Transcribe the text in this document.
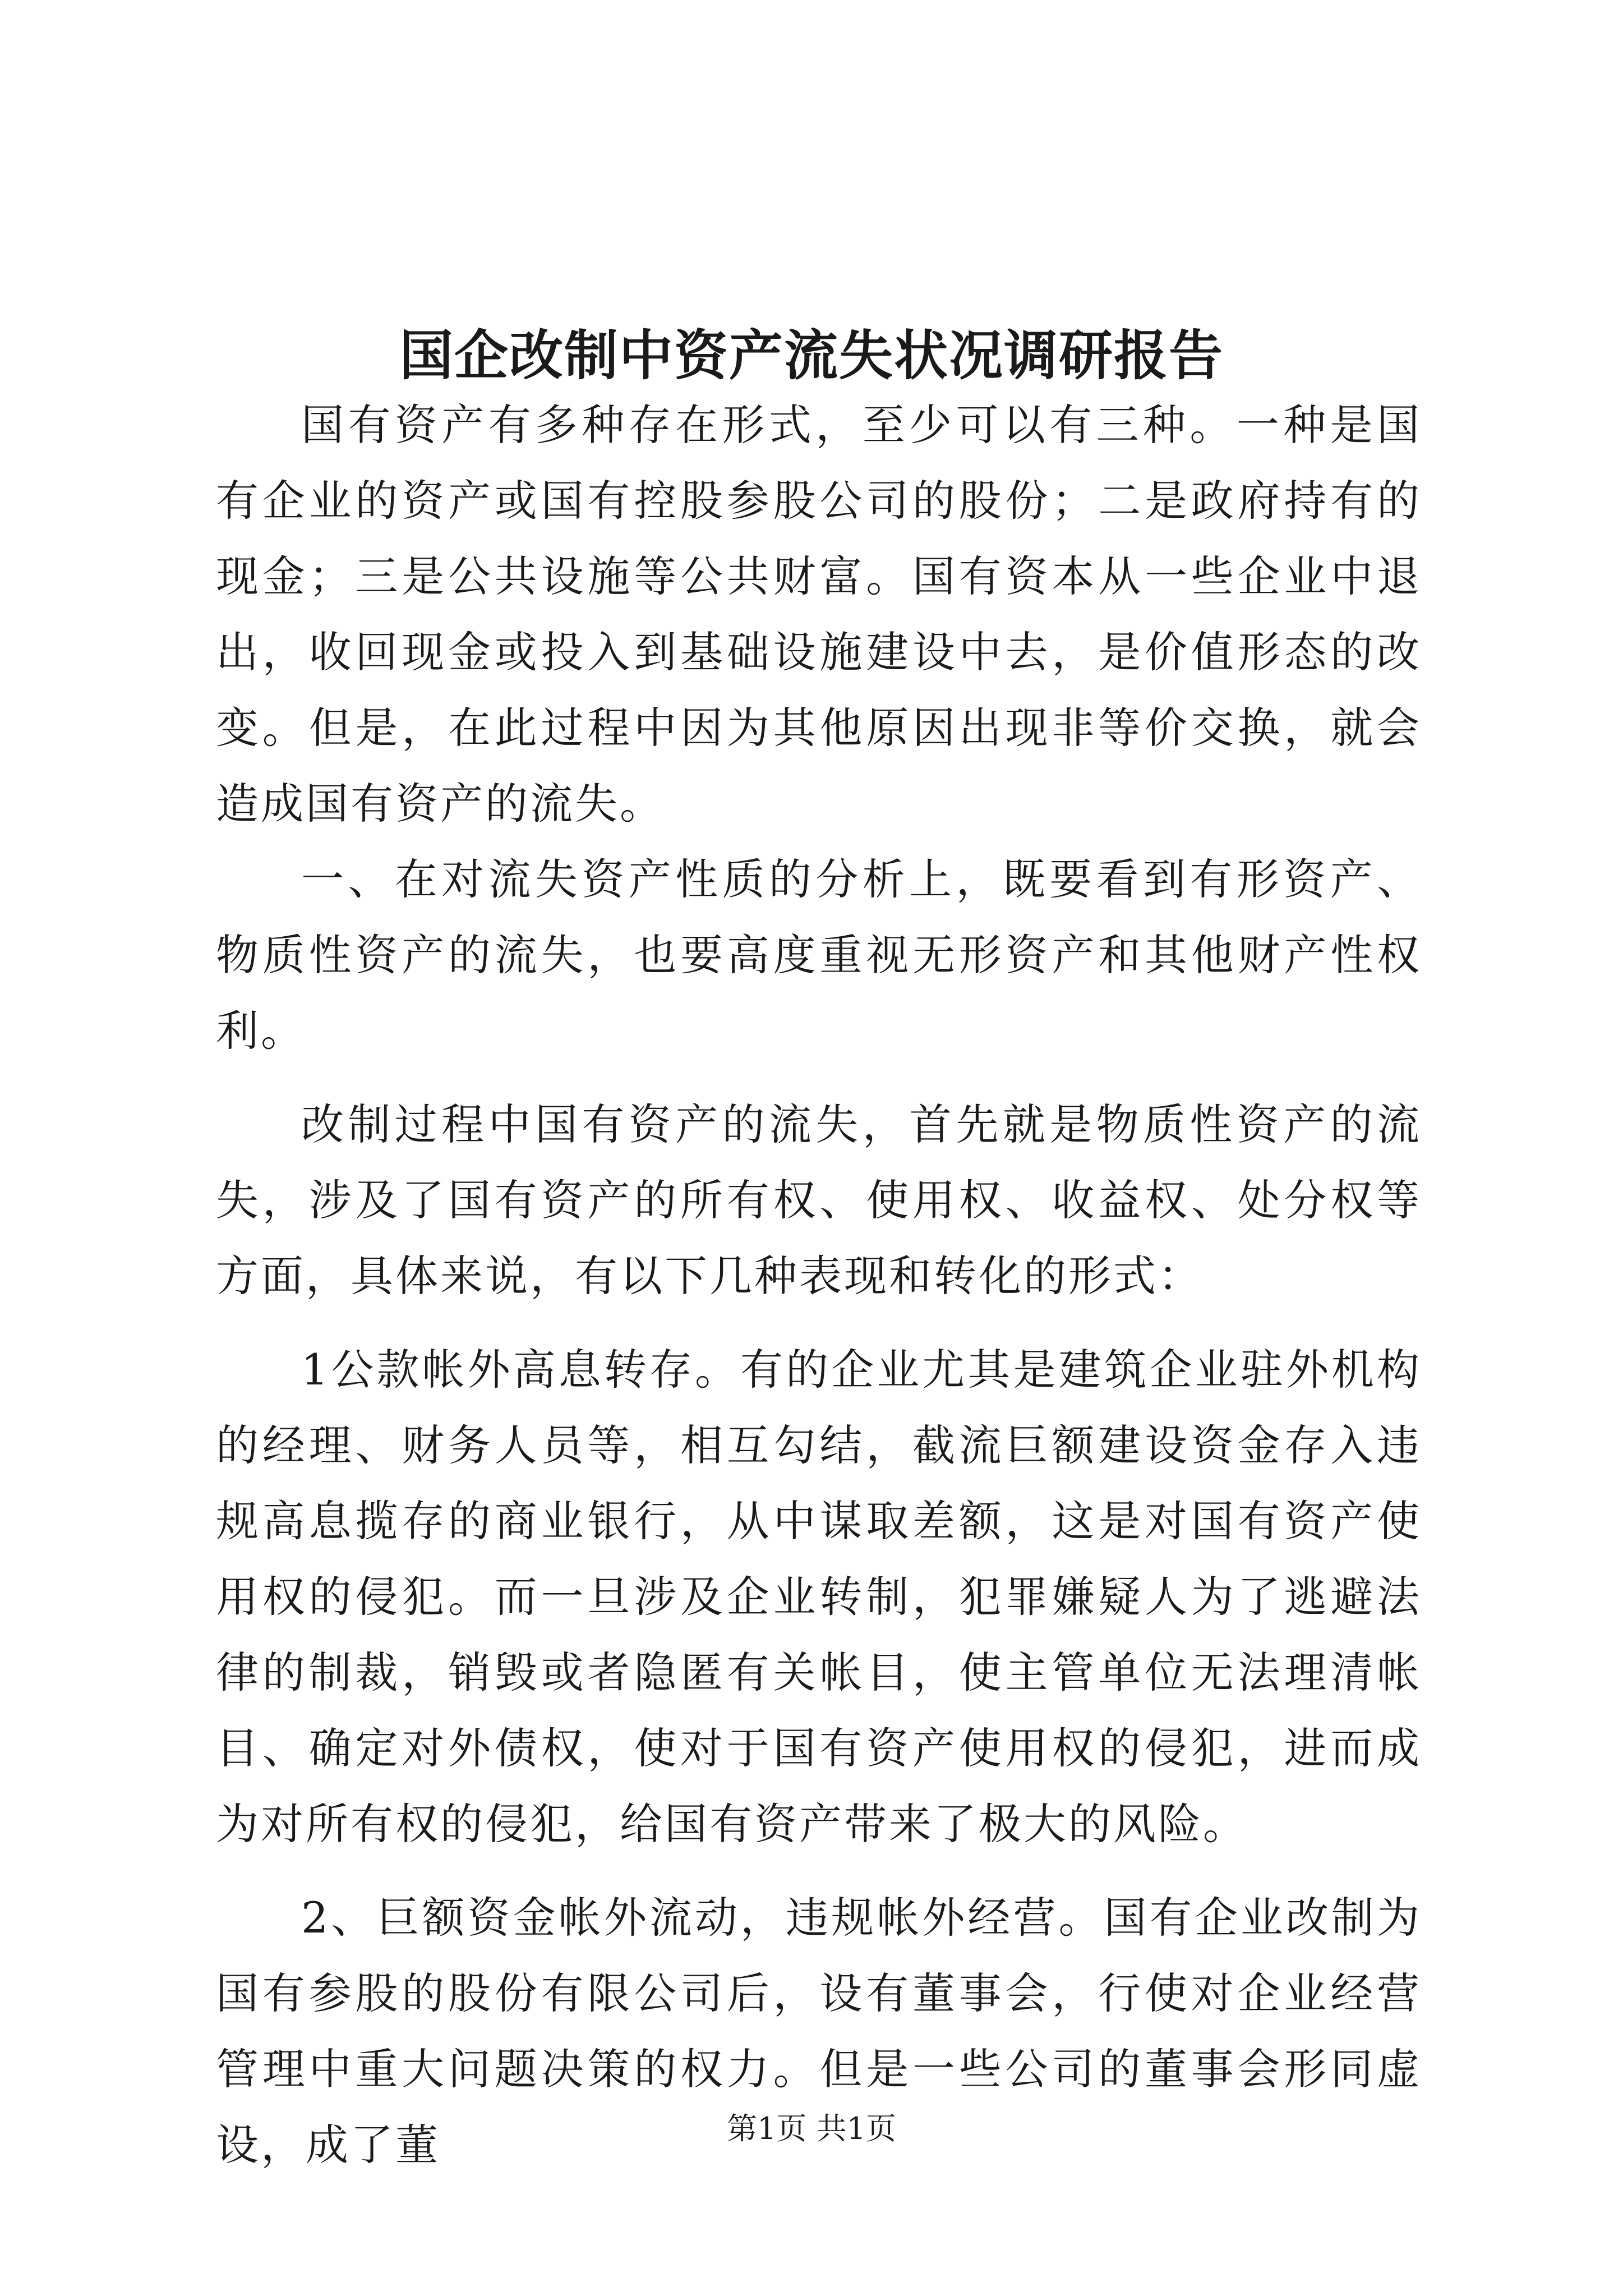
国企改制中资产流失状况调研报告

国有资产有多种存在形式，至少可以有三种。一种是国有企业的资产或国有控股参股公司的股份；二是政府持有的现金；三是公共设施等公共财富。国有资本从一些企业中退出，收回现金或投入到基础设施建设中去，是价值形态的改变。但是，在此过程中因为其他原因出现非等价交换，就会造成国有资产的流失。

一、在对流失资产性质的分析上，既要看到有形资产、物质性资产的流失，也要高度重视无形资产和其他财产性权利。

改制过程中国有资产的流失，首先就是物质性资产的流失，涉及了国有资产的所有权、使用权、收益权、处分权等方面，具体来说，有以下几种表现和转化的形式：

1公款帐外高息转存。有的企业尤其是建筑企业驻外机构的经理、财务人员等，相互勾结，截流巨额建设资金存入违规高息揽存的商业银行，从中谋取差额，这是对国有资产使用权的侵犯。而一旦涉及企业转制，犯罪嫌疑人为了逃避法律的制裁，销毁或者隐匿有关帐目，使主管单位无法理清帐目、确定对外债权，使对于国有资产使用权的侵犯，进而成为对所有权的侵犯，给国有资产带来了极大的风险。

2、巨额资金帐外流动，违规帐外经营。国有企业改制为国有参股的股份有限公司后，设有董事会，行使对企业经营管理中重大问题决策的权力。但是一些公司的董事会形同虚设，成了董	第1页 共1页
